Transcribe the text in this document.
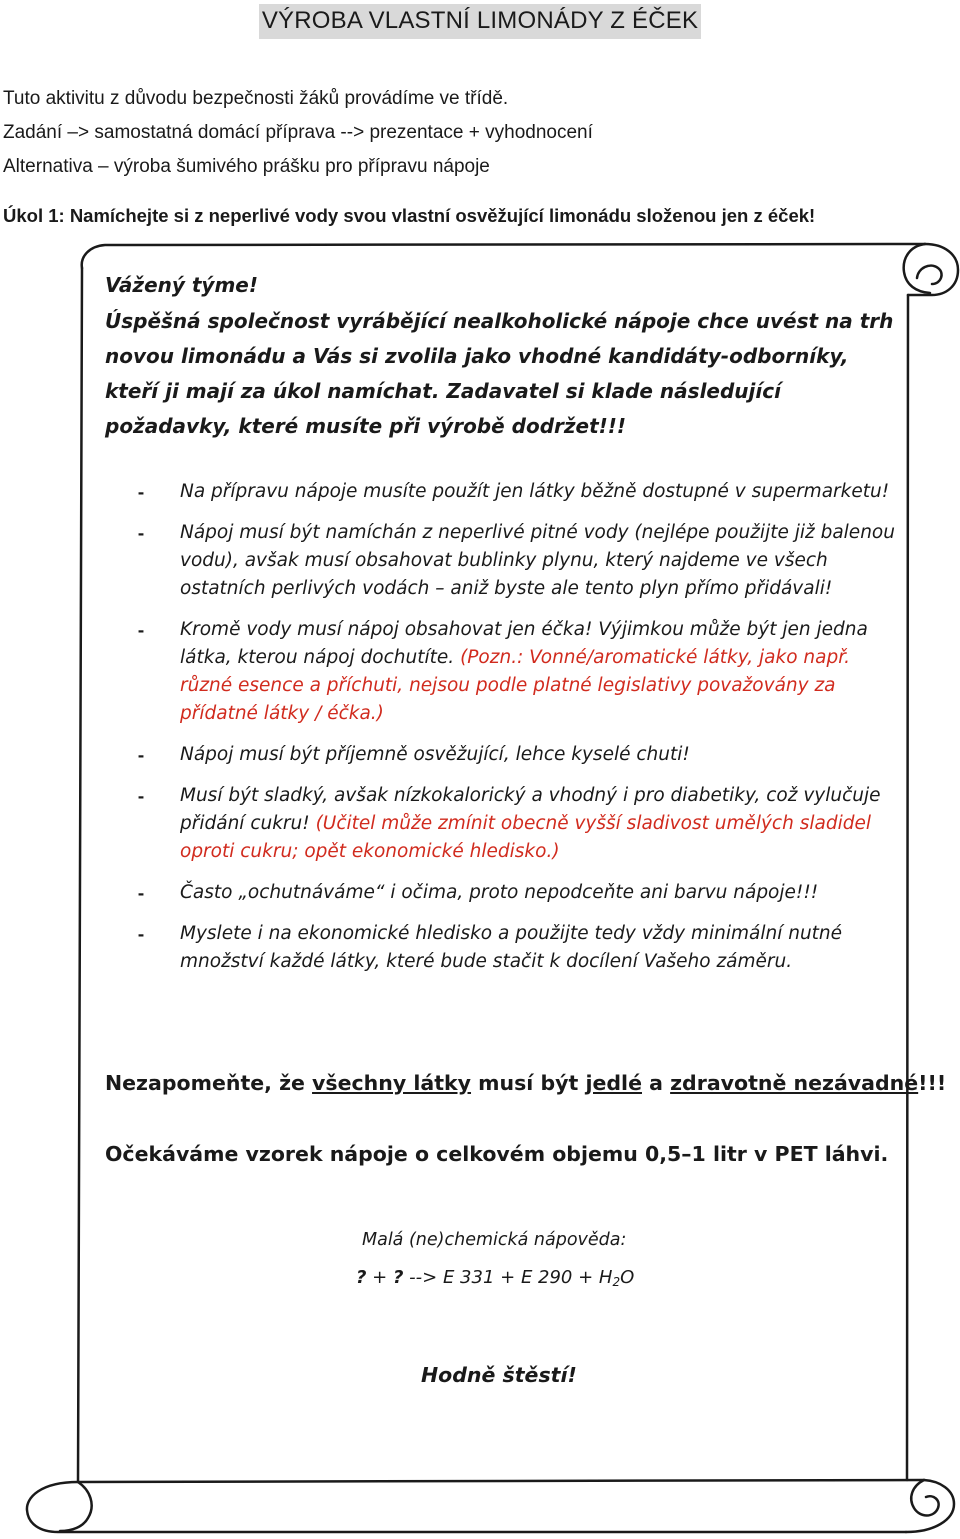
VÝROBA VLASTNÍ LIMONÁDY Z ÉČEK

Tuto aktivitu z důvodu bezpečnosti žáků provádíme ve třídě.

Zadání –> samostatná domácí příprava --> prezentace + vyhodnocení

Alternativa – výroba šumivého prášku pro přípravu nápoje

Úkol 1: Namíchejte si z neperlivé vody svou vlastní osvěžující limonádu složenou jen z éček!

Vážený týme!

Úspěšná společnost vyrábějící nealkoholické nápoje chce uvést na trh novou limonádu a Vás si zvolila jako vhodné kandidáty-odborníky, kteří ji mají za úkol namíchat. Zadavatel si klade následující požadavky, které musíte při výrobě dodržet!!!

⁃ Na přípravu nápoje musíte použít jen látky běžně dostupné v supermarketu!
⁃ Nápoj musí být namíchán z neperlivé pitné vody (nejlépe použijte již balenou vodu), avšak musí obsahovat bublinky plynu, který najdeme ve všech ostatních perlivých vodách – aniž byste ale tento plyn přímo přidávali!
⁃ Kromě vody musí nápoj obsahovat jen éčka! Výjimkou může být jen jedna látka, kterou nápoj dochutíte. (Pozn.: Vonné/aromatické látky, jako např. různé esence a příchuti, nejsou podle platné legislativy považovány za přídatné látky / éčka.)
⁃ Nápoj musí být příjemně osvěžující, lehce kyselé chuti!
⁃ Musí být sladký, avšak nízkokalorický a vhodný i pro diabetiky, což vylučuje přidání cukru! (Učitel může zmínit obecně vyšší sladivost umělých sladidel oproti cukru; opět ekonomické hledisko.)
⁃ Často „ochutnáváme“ i očima, proto nepodceňte ani barvu nápoje!!!
⁃ Myslete i na ekonomické hledisko a použijte tedy vždy minimální nutné množství každé látky, které bude stačit k docílení Vašeho záměru.

Nezapomeňte, že všechny látky musí být jedlé a zdravotně nezávadné!!!

Očekáváme vzorek nápoje o celkovém objemu 0,5–1 litr v PET láhvi.

Malá (ne)chemická nápověda:

? + ? --> E 331 + E $290 + H_2O$

Hodně štěstí!
